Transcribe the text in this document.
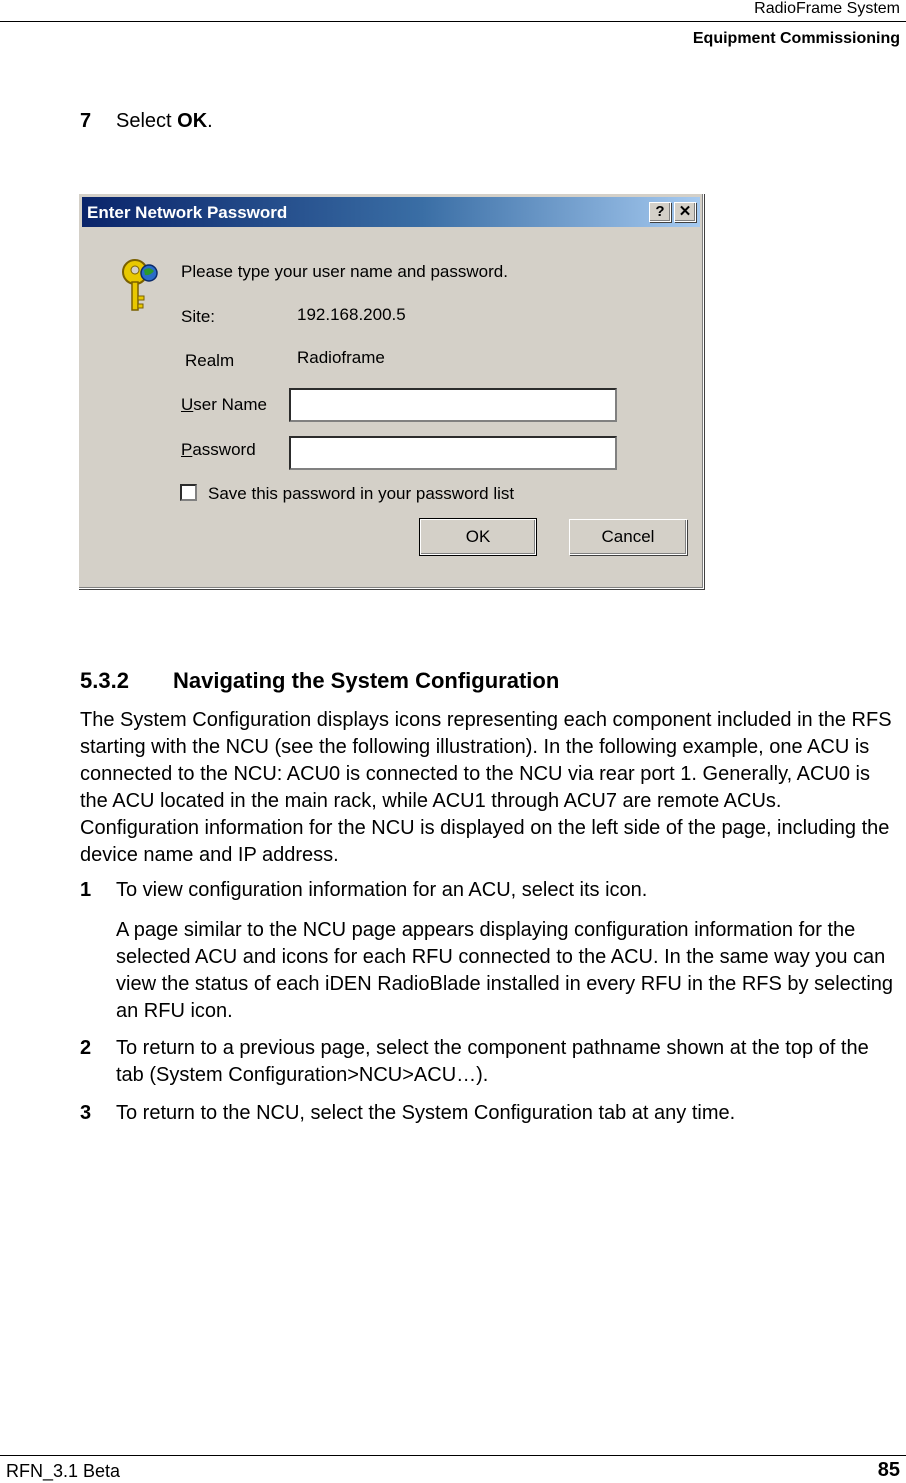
RadioFrame System
Equipment Commissioning
7 Select OK.
Enter Network Password	? ✕
Please type your user name and password.
Site:	192.168.200.5
Realm	Radioframe
User Name
Password
Save this password in your password list
OK	Cancel
5.3.2 Navigating the System Configuration
The System Configuration displays icons representing each component included in the RFS starting with the NCU (see the following illustration). In the following example, one ACU is connected to the NCU: ACU0 is connected to the NCU via rear port 1. Generally, ACU0 is the ACU located in the main rack, while ACU1 through ACU7 are remote ACUs. Configuration information for the NCU is displayed on the left side of the page, including the device name and IP address.
1 To view configuration information for an ACU, select its icon.
A page similar to the NCU page appears displaying configuration information for the selected ACU and icons for each RFU connected to the ACU. In the same way you can view the status of each iDEN RadioBlade installed in every RFU in the RFS by selecting an RFU icon.
2 To return to a previous page, select the component pathname shown at the top of the tab (System Configuration>NCU>ACU…).
3 To return to the NCU, select the System Configuration tab at any time.
RFN_3.1 Beta	85
